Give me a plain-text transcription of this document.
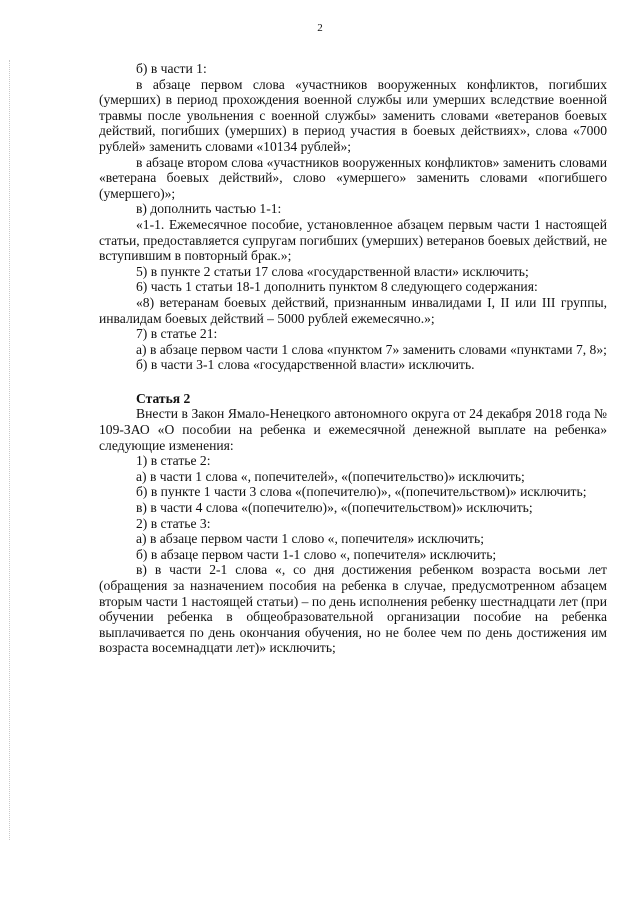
2

б) в части 1:

в абзаце первом слова «участников вооруженных конфликтов, погибших (умерших) в период прохождения военной службы или умерших вследствие военной травмы после увольнения с военной службы» заменить словами «ветеранов боевых действий, погибших (умерших) в период участия в боевых действиях», слова «7000 рублей» заменить словами «10134 рублей»;

в абзаце втором слова «участников вооруженных конфликтов» заменить словами «ветерана боевых действий», слово «умершего» заменить словами «погибшего (умершего)»;

в) дополнить частью 1-1:

«1-1. Ежемесячное пособие, установленное абзацем первым части 1 настоящей статьи, предоставляется супругам погибших (умерших) ветеранов боевых действий, не вступившим в повторный брак.»;

5) в пункте 2 статьи 17 слова «государственной власти» исключить;

6) часть 1 статьи 18-1 дополнить пунктом 8 следующего содержания:

«8) ветеранам боевых действий, признанным инвалидами I, II или III группы, инвалидам боевых действий – 5000 рублей ежемесячно.»;

7) в статье 21:

а) в абзаце первом части 1 слова «пунктом 7» заменить словами «пунктами 7, 8»;

б) в части 3-1 слова «государственной власти» исключить.

Статья 2

Внести в Закон Ямало-Ненецкого автономного округа от 24 декабря 2018 года № 109-ЗАО «О пособии на ребенка и ежемесячной денежной выплате на ребенка» следующие изменения:

1) в статье 2:

а) в части 1 слова «, попечителей», «(попечительство)» исключить;

б) в пункте 1 части 3 слова «(попечителю)», «(попечительством)» исключить;

в) в части 4 слова «(попечителю)», «(попечительством)» исключить;

2) в статье 3:

а) в абзаце первом части 1 слово «, попечителя» исключить;

б) в абзаце первом части 1-1 слово «, попечителя» исключить;

в) в части 2-1 слова «, со дня достижения ребенком возраста восьми лет (обращения за назначением пособия на ребенка в случае, предусмотренном абзацем вторым части 1 настоящей статьи) – по день исполнения ребенку шестнадцати лет (при обучении ребенка в общеобразовательной организации пособие на ребенка выплачивается по день окончания обучения, но не более чем по день достижения им возраста восемнадцати лет)» исключить;
